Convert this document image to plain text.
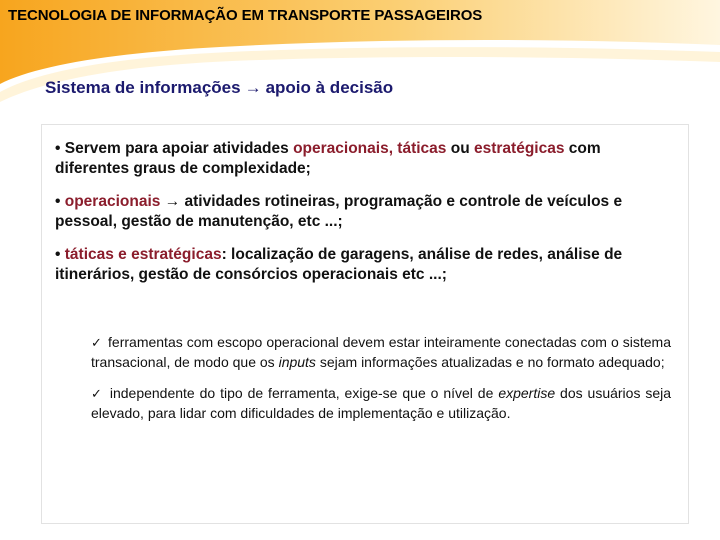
TECNOLOGIA DE INFORMAÇÃO EM TRANSPORTE PASSAGEIROS
Sistema de informações → apoio à decisão

• Servem para apoiar atividades operacionais, táticas ou estratégicas com diferentes graus de complexidade;

• operacionais → atividades rotineiras, programação e controle de veículos e pessoal, gestão de manutenção, etc ...;

• táticas e estratégicas: localização de garagens, análise de redes, análise de itinerários, gestão de consórcios operacionais etc ...;

✓ ferramentas com escopo operacional devem estar inteiramente conectadas com o sistema transacional, de modo que os inputs sejam informações atualizadas e no formato adequado;

✓ independente do tipo de ferramenta, exige-se que o nível de expertise dos usuários seja elevado, para lidar com dificuldades de implementação e utilização.
